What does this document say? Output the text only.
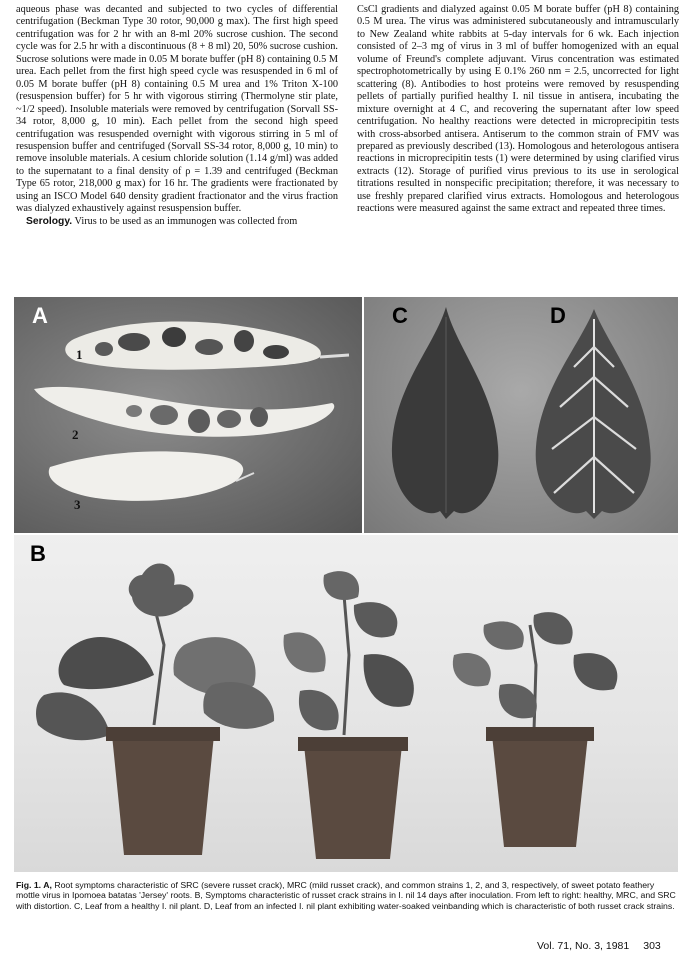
aqueous phase was decanted and subjected to two cycles of differential centrifugation (Beckman Type 30 rotor, 90,000 g max). The first high speed centrifugation was for 2 hr with an 8-ml 20% sucrose cushion. The second cycle was for 2.5 hr with a discontinuous (8 + 8 ml) 20, 50% sucrose cushion. Sucrose solutions were made in 0.05 M borate buffer (pH 8) containing 0.5 M urea. Each pellet from the first high speed cycle was resuspended in 6 ml of 0.05 M borate buffer (pH 8) containing 0.5 M urea and 1% Triton X-100 (resuspension buffer) for 5 hr with vigorous stirring (Thermolyne stir plate, ~1/2 speed). Insoluble materials were removed by centrifugation (Sorvall SS-34 rotor, 8,000 g, 10 min). Each pellet from the second high speed centrifugation was resuspended overnight with vigorous stirring in 5 ml of resuspension buffer and centrifuged (Sorvall SS-34 rotor, 8,000 g, 10 min) to remove insoluble materials. A cesium chloride solution (1.14 g/ml) was added to the supernatant to a final density of ρ = 1.39 and centrifuged (Beckman Type 65 rotor, 218,000 g max) for 16 hr. The gradients were fractionated by using an ISCO Model 640 density gradient fractionator and the virus fraction was dialyzed exhaustively against resuspension buffer.

Serology. Virus to be used as an immunogen was collected from

CsCl gradients and dialyzed against 0.05 M borate buffer (pH 8) containing 0.5 M urea. The virus was administered subcutaneously and intramuscularly to New Zealand white rabbits at 5-day intervals for 6 wk. Each injection consisted of 2–3 mg of virus in 3 ml of buffer homogenized with an equal volume of Freund's complete adjuvant. Virus concentration was estimated spectrophotometrically by using E 0.1% 260 nm = 2.5, uncorrected for light scattering (8). Antibodies to host proteins were removed by resuspending pellets of partially purified healthy I. nil tissue in antisera, incubating the mixture overnight at 4 C, and recovering the supernatant after low speed centrifugation. No healthy reactions were detected in microprecipitin tests with cross-absorbed antisera. Antiserum to the common strain of FMV was prepared as previously described (13). Homologous and heterologous antisera reactions in microprecipitin tests (1) were determined by using clarified virus extracts (12). Storage of purified virus previous to its use in serological titrations resulted in nonspecific precipitation; therefore, it was necessary to use freshly prepared clarified virus extracts. Homologous and heterologous reactions were measured against the same extract and repeated three times.

A
1
2
3
C	D
B

Fig. 1. A, Root symptoms characteristic of SRC (severe russet crack), MRC (mild russet crack), and common strains 1, 2, and 3, respectively, of sweet potato feathery mottle virus in Ipomoea batatas 'Jersey' roots. B, Symptoms characteristic of russet crack strains in I. nil 14 days after inoculation. From left to right: healthy, MRC, and SRC with distortion. C, Leaf from a healthy I. nil plant. D, Leaf from an infected I. nil plant exhibiting water-soaked veinbanding which is characteristic of both russet crack strains.

Vol. 71, No. 3, 1981 303
